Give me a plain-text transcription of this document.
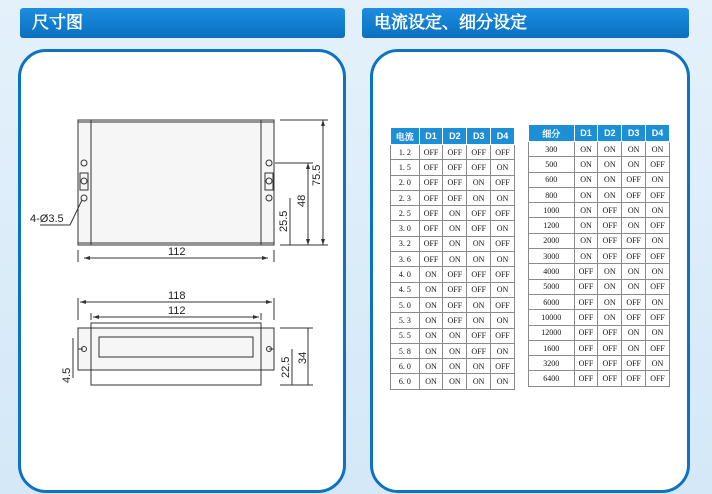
尺寸图	电流设定、细分设定
112
75.5
48
25.5
4-Ø3.5
118
112
34
22.5
4.5
电流	D1	D2	D3	D4
1. 2	OFF	OFF	OFF	OFF
1. 5	OFF	OFF	OFF	ON
2. 0	OFF	OFF	ON	OFF
2. 3	OFF	OFF	ON	ON
2. 5	OFF	ON	OFF	OFF
3. 0	OFF	ON	OFF	ON
3. 2	OFF	ON	ON	OFF
3. 6	OFF	ON	ON	ON
4. 0	ON	OFF	OFF	OFF
4. 5	ON	OFF	OFF	ON
5. 0	ON	OFF	ON	OFF
5. 3	ON	OFF	ON	ON
5. 5	ON	ON	OFF	OFF
5. 8	ON	ON	OFF	ON
6. 0	ON	ON	ON	OFF
6. 0	ON	ON	ON	ON
细分	D1	D2	D3	D4
300	ON	ON	ON	ON
500	ON	ON	ON	OFF
600	ON	ON	OFF	ON
800	ON	ON	OFF	OFF
1000	ON	OFF	ON	ON
1200	ON	OFF	ON	OFF
2000	ON	OFF	OFF	ON
3000	ON	OFF	OFF	OFF
4000	OFF	ON	ON	ON
5000	OFF	ON	ON	OFF
6000	OFF	ON	OFF	ON
10000	OFF	ON	OFF	OFF
12000	OFF	OFF	ON	ON
1600	OFF	OFF	ON	OFF
3200	OFF	OFF	OFF	ON
6400	OFF	OFF	OFF	OFF
